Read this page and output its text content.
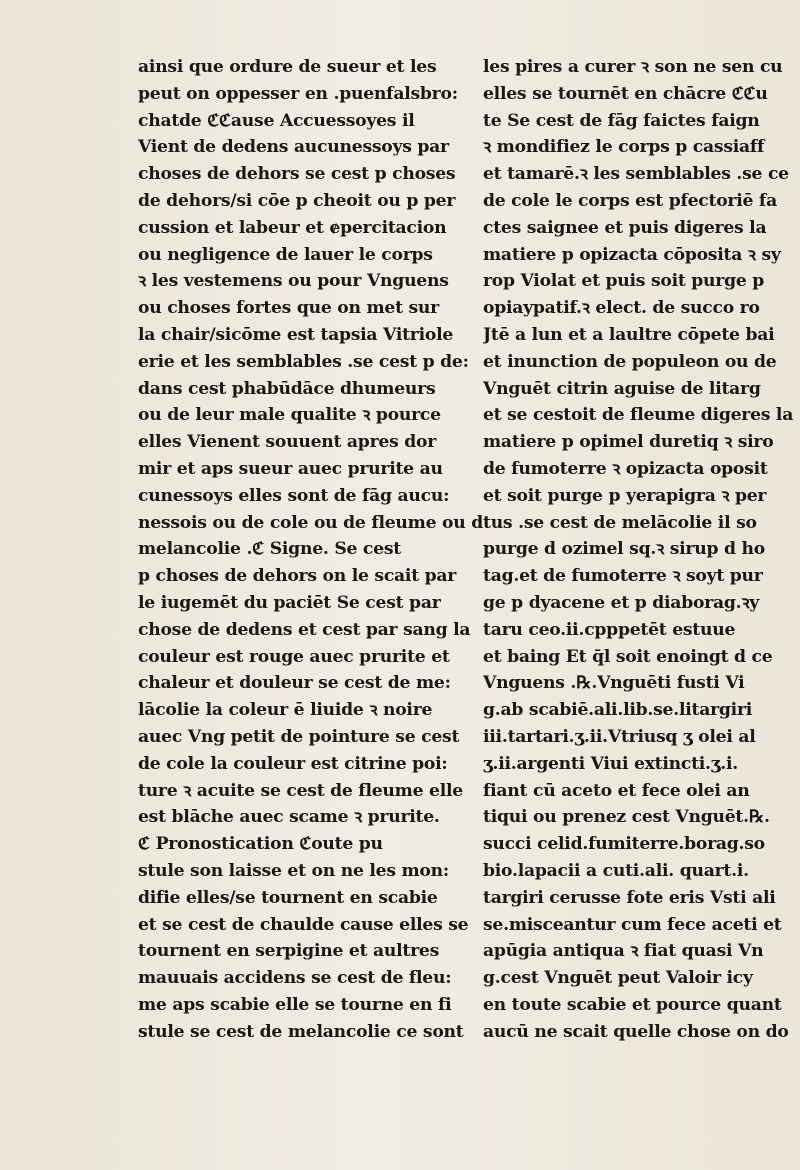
ainsi que ordure de sueur et les
peut on oppesser en .puenfalsbro:
chatde ℭℭause Accuessoyes il
Vient de dedens aucunessoys par
choses de dehors se cest p choses
de dehors/si cōe p cheoit ou p per
cussion et labeur et ɇpercitacion
ou negligence de lauer le corps
ꝛ les vestemens ou pour Vnguens
ou choses fortes que on met sur
la chair/sicōme est tapsia Vitriole
erie et les semblables .se cest p de:
dans cest phabūdāce dhumeurs
ou de leur male qualite ꝛ pource
elles Vienent souuent apres dor
mir et aps sueur auec prurite au
cunessoys elles sont de fāg aucu:
nessois ou de cole ou de fleume ou d
melancolie .ℭ Signe. Se cest
p choses de dehors on le scait par
le iugemēt du paciēt Se cest par
chose de dedens et cest par sang la
couleur est rouge auec prurite et
chaleur et douleur se cest de me:
lācolie la coleur ē liuide ꝛ noire
auec Vng petit de pointure se cest
de cole la couleur est citrine poi:
ture ꝛ acuite se cest de fleume elle
est blāche auec scame ꝛ prurite.
ℭ Pronostication ℭoute pu
stule son laisse et on ne les mon:
difie elles/se tournent en scabie
et se cest de chaulde cause elles se
tournent en serpigine et aultres
mauuais accidens se cest de fleu:
me aps scabie elle se tourne en fi
stule se cest de melancolie ce sont
les pires a curer ꝛ son ne sen cu
elles se tournēt en chācre ℭℭu
te Se cest de fāg faictes faign
ꝛ mondifiez le corps p cassiaff
et tamarē.ꝛ les semblables .se ce
de cole le corps est pfectoriē fa
ctes saignee et puis digeres la
matiere p opizacta cōposita ꝛ sy
rop Violat et puis soit purge p
opiaypatif.ꝛ elect. de succo ro
Jtē a lun et a laultre cōpete bai
et inunction de populeon ou de
Vnguēt citrin aguise de litarg
et se cestoit de fleume digeres la
matiere p opimel duretiq ꝛ siro
de fumoterre ꝛ opizacta oposit
et soit purge p yerapigra ꝛ per
tus .se cest de melācolie il so
purge d ozimel sq.ꝛ sirup d ho
tag.et de fumoterre ꝛ soyt pur
ge p dyacene et p diaborag.ꝛy
taru ceo.ii.cpppetēt estuue
et baing Et q̄l soit enoingt d ce
Vnguens .℞.Vnguēti fusti Vi
g.ab scabiē.ali.lib.se.litargiri
iii.tartari.ʒ.ii.Vtriusq ʒ olei al
ʒ.ii.argenti Viui extincti.ʒ.i.
fiant cū aceto et fece olei an
tiqui ou prenez cest Vnguēt.℞.
succi celid.fumiterre.borag.so
bio.lapacii a cuti.ali. quart.i.
targiri cerusse fote eris Vsti ali
se.misceantur cum fece aceti et
apūgia antiqua ꝛ fiat quasi Vn
g.cest Vnguēt peut Valoir icy
en toute scabie et pource quant
aucū ne scait quelle chose on do
